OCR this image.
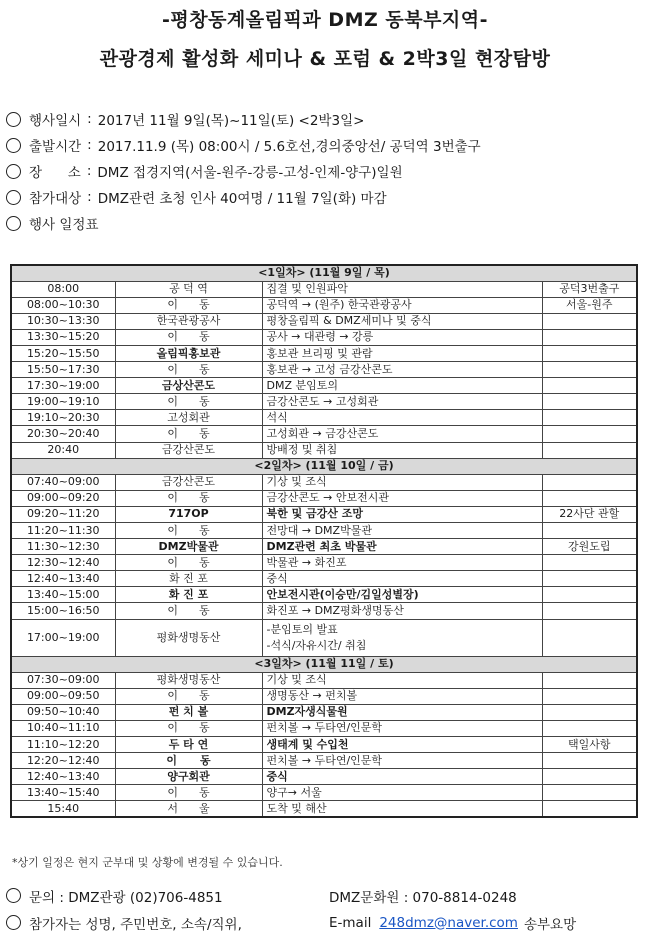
-평창동계올림픽과 DMZ 동북부지역-
관광경제 활성화 세미나 & 포럼 & 2박3일 현장탐방
행사일시 : 2017년 11월 9일(목)~11일(토) <2박3일>
출발시간 : 2017.11.9 (목) 08:00시 / 5.6호선,경의중앙선/ 공덕역 3번출구
장      소 : DMZ 접경지역(서울-원주-강릉-고성-인제-양구)일원
참가대상 : DMZ관련 초청 인사 40여명 / 11월 7일(화) 마감
행사 일정표
<1일차> (11월 9일 / 목)			
08:00	공 덕 역	집결 및 인원파악	공덕3번출구
08:00~10:30	이      동	공덕역 → (원주) 한국관광공사	서울-원주
10:30~13:30	한국관광공사	평창올림픽 & DMZ세미나 및 중식	
13:30~15:20	이      동	공사 → 대관령 → 강릉	
15:20~15:50	올림픽홍보관	홍보관 브리핑 및 관람	
15:50~17:30	이      동	홍보관 → 고성 금강산콘도	
17:30~19:00	금상산콘도	DMZ 분임토의	
19:00~19:10	이      동	금강산콘도 → 고성회관	
19:10~20:30	고성회관	석식	
20:30~20:40	이      동	고성회관 → 금강산콘도	
20:40	금강산콘도	방배정 및 취침	
<2일차> (11월 10일 / 금)			
07:40~09:00	금강산콘도	기상 및 조식	
09:00~09:20	이      동	금강산콘도 → 안보전시관	
09:20~11:20	717OP	북한 및 금강산 조망	22사단 관할
11:20~11:30	이      동	전망대 → DMZ박물관	
11:30~12:30	DMZ박물관	DMZ관련 최초 박물관	강원도립
12:30~12:40	이      동	박물관 → 화진포	
12:40~13:40	화 진 포	중식	
13:40~15:00	화 진 포	안보전시관(이승만/김일성별장)	
15:00~16:50	이      동	화진포 → DMZ평화생명동산	
17:00~19:00	평화생명동산	-분임토의 발표
-석식/자유시간/ 취침	

<3일차> (11월 11일 / 토)			
07:30~09:00	평화생명동산	기상 및 조식	
09:00~09:50	이      동	생명동산 → 펀치볼	
09:50~10:40	펀 치 볼	DMZ자생식물원	
10:40~11:10	이      동	펀치볼 → 두타연/인문학	
11:10~12:20	두 타 연	생태계 및 수입천	택일사항
12:20~12:40	이      동	펀치볼 → 두타연/인문학	
12:40~13:40	양구회관	중식	
13:40~15:40	이      동	양구→ 서울	
15:40	서      울	도착 및 해산	
*상기 일정은 현지 군부대 및 상황에 변경될 수 있습니다.
문의 : DMZ관광 (02)706-4851	DMZ문화원 : 070-8814-0248
참가자는 성명, 주민번호, 소속/직위,	E-mail 248dmz@naver.com 송부요망
